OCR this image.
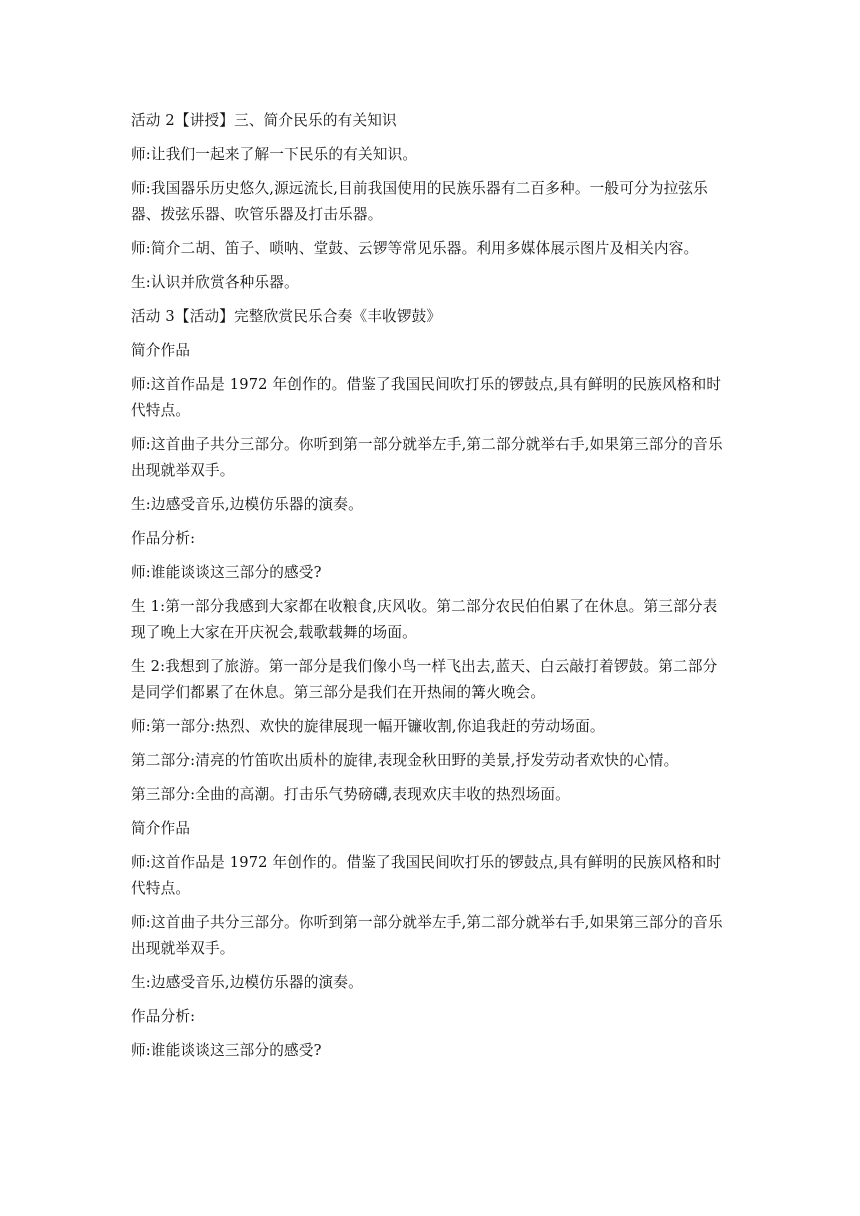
活动 2【讲授】三、简介民乐的有关知识

师:让我们一起来了解一下民乐的有关知识。

师:我国器乐历史悠久,源远流长,目前我国使用的民族乐器有二百多种。一般可分为拉弦乐器、拨弦乐器、吹管乐器及打击乐器。

师:简介二胡、笛子、唢呐、堂鼓、云锣等常见乐器。利用多媒体展示图片及相关内容。

生:认识并欣赏各种乐器。

活动 3【活动】完整欣赏民乐合奏《丰收锣鼓》

简介作品

师:这首作品是 1972 年创作的。借鉴了我国民间吹打乐的锣鼓点,具有鲜明的民族风格和时代特点。

师:这首曲子共分三部分。你听到第一部分就举左手,第二部分就举右手,如果第三部分的音乐出现就举双手。

生:边感受音乐,边模仿乐器的演奏。

作品分析:

师:谁能谈谈这三部分的感受?

生 1:第一部分我感到大家都在收粮食,庆风收。第二部分农民伯伯累了在休息。第三部分表现了晚上大家在开庆祝会,载歌载舞的场面。

生 2:我想到了旅游。第一部分是我们像小鸟一样飞出去,蓝天、白云敲打着锣鼓。第二部分是同学们都累了在休息。第三部分是我们在开热闹的篝火晚会。

师:第一部分:热烈、欢快的旋律展现一幅开镰收割,你追我赶的劳动场面。

第二部分:清亮的竹笛吹出质朴的旋律,表现金秋田野的美景,抒发劳动者欢快的心情。

第三部分:全曲的高潮。打击乐气势磅礴,表现欢庆丰收的热烈场面。

简介作品

师:这首作品是 1972 年创作的。借鉴了我国民间吹打乐的锣鼓点,具有鲜明的民族风格和时代特点。

师:这首曲子共分三部分。你听到第一部分就举左手,第二部分就举右手,如果第三部分的音乐出现就举双手。

生:边感受音乐,边模仿乐器的演奏。

作品分析:

师:谁能谈谈这三部分的感受?
